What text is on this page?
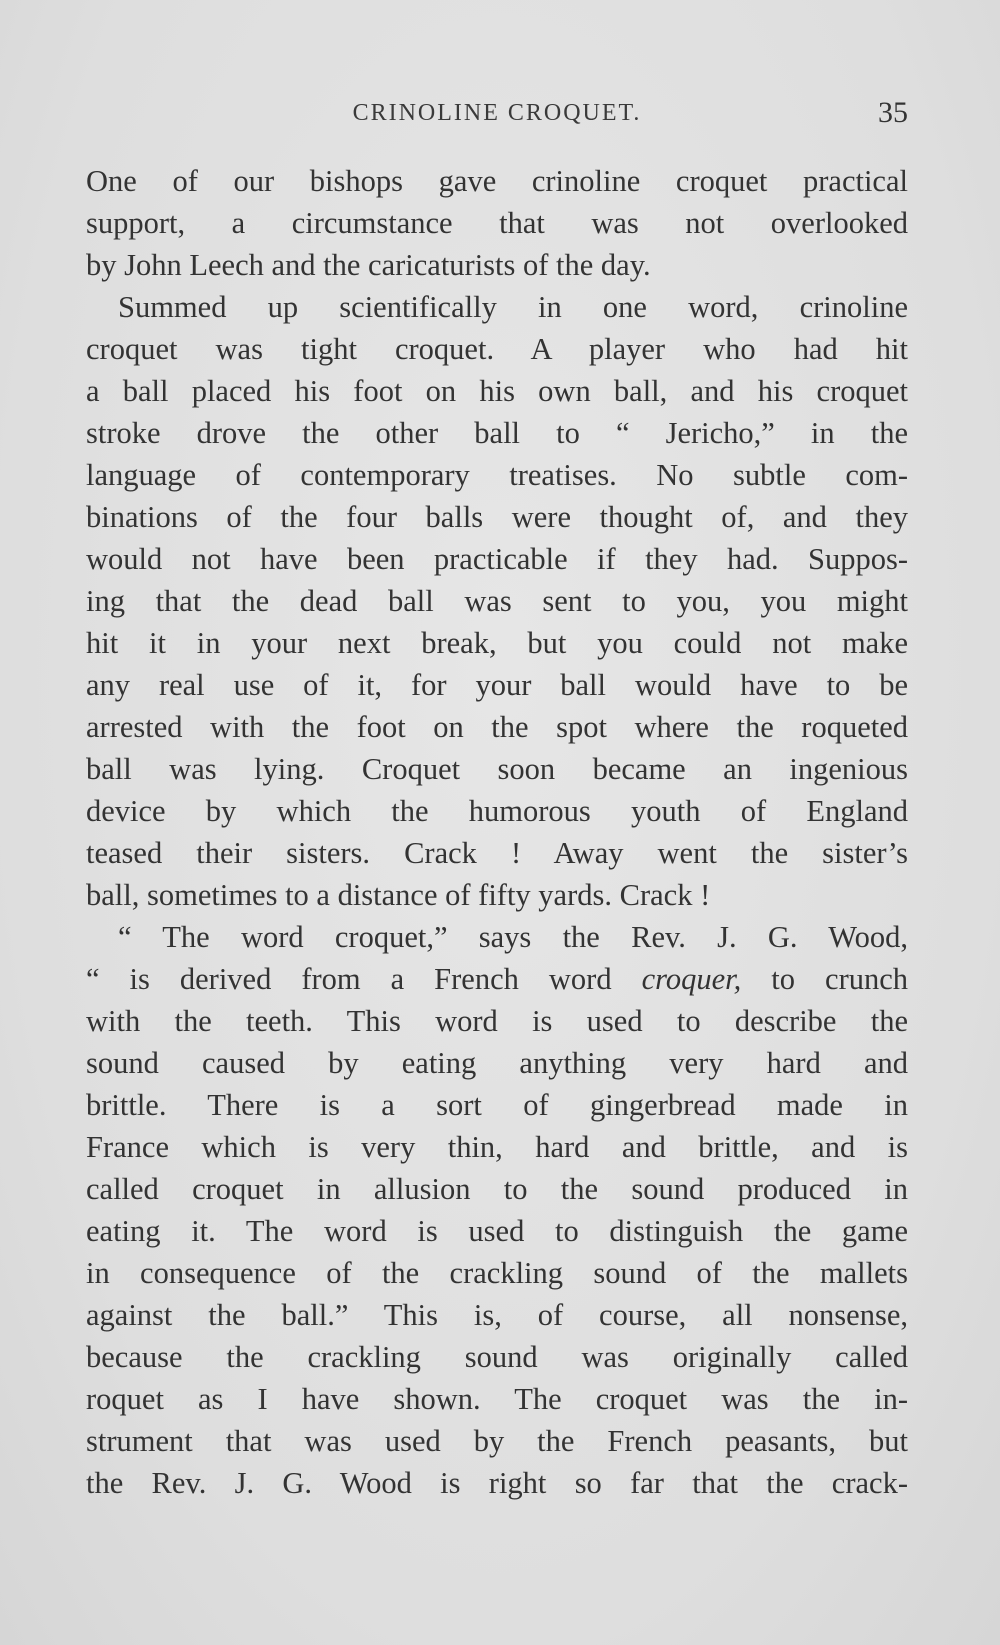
CRINOLINE CROQUET.	35
One of our bishops gave crinoline croquet practical
support, a circumstance that was not overlooked
by John Leech and the caricaturists of the day.
Summed up scientifically in one word, crinoline
croquet was tight croquet. A player who had hit
a ball placed his foot on his own ball, and his croquet
stroke drove the other ball to “ Jericho,” in the
language of contemporary treatises. No subtle com-
binations of the four balls were thought of, and they
would not have been practicable if they had. Suppos-
ing that the dead ball was sent to you, you might
hit it in your next break, but you could not make
any real use of it, for your ball would have to be
arrested with the foot on the spot where the roqueted
ball was lying. Croquet soon became an ingenious
device by which the humorous youth of England
teased their sisters. Crack ! Away went the sister’s
ball, sometimes to a distance of fifty yards. Crack !
“ The word croquet,” says the Rev. J. G. Wood,
“ is derived from a French word croquer, to crunch
with the teeth. This word is used to describe the
sound caused by eating anything very hard and
brittle. There is a sort of gingerbread made in
France which is very thin, hard and brittle, and is
called croquet in allusion to the sound produced in
eating it. The word is used to distinguish the game
in consequence of the crackling sound of the mallets
against the ball.” This is, of course, all nonsense,
because the crackling sound was originally called
roquet as I have shown. The croquet was the in-
strument that was used by the French peasants, but
the Rev. J. G. Wood is right so far that the crack-
